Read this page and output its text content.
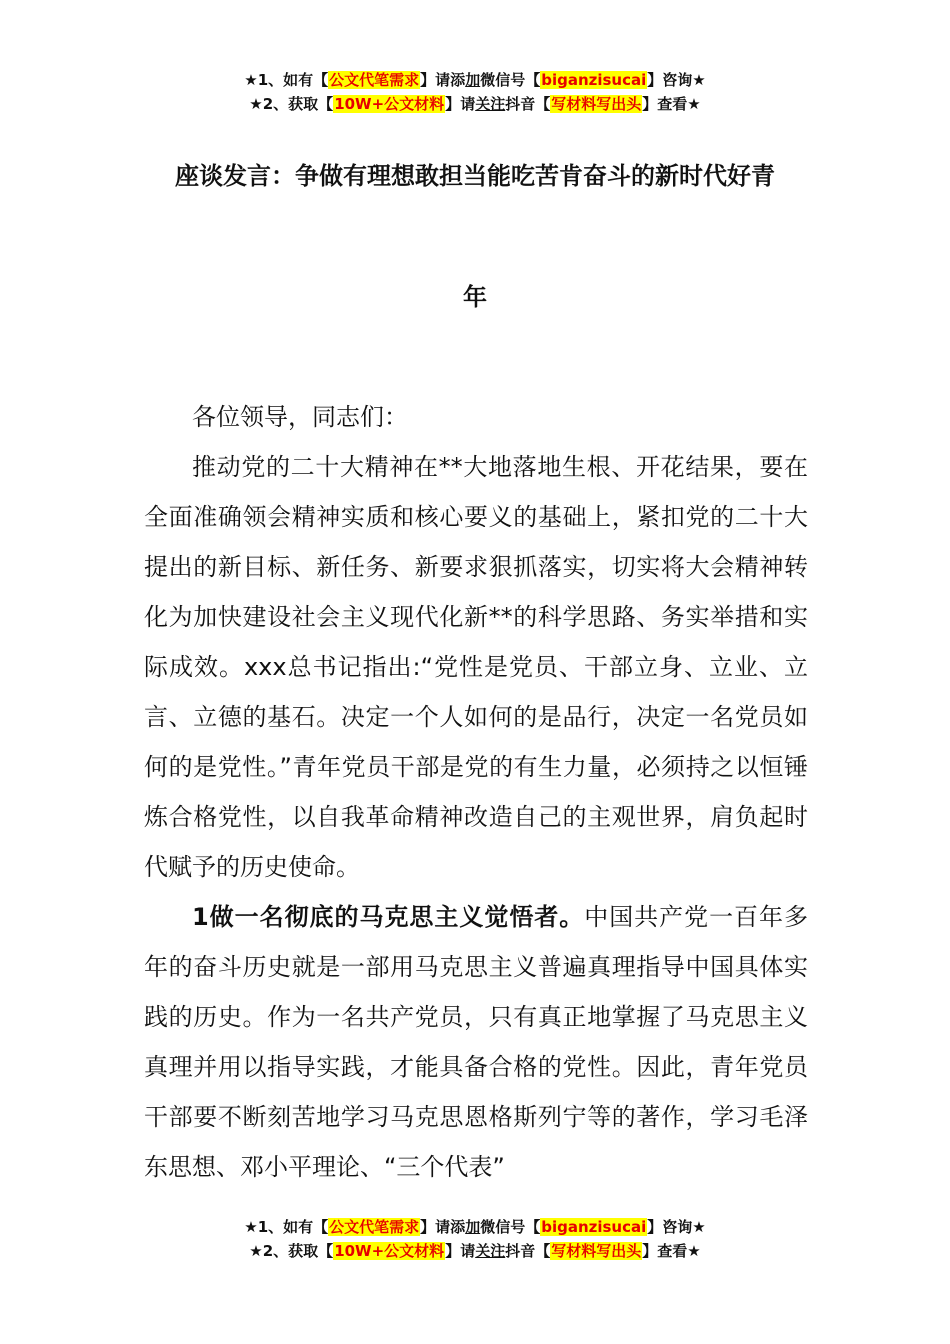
★1、如有【公文代笔需求】请添加微信号【biganzisucai】咨询★
★2、获取【10W+公文材料】请关注抖音【写材料写出头】查看★
座谈发言：争做有理想敢担当能吃苦肯奋斗的新时代好青
年

各位领导，同志们：

推动党的二十大精神在**大地落地生根、开花结果，要在全面准确领会精神实质和核心要义的基础上，紧扣党的二十大提出的新目标、新任务、新要求狠抓落实，切实将大会精神转化为加快建设社会主义现代化新**的科学思路、务实举措和实际成效。xxx总书记指出:“党性是党员、干部立身、立业、立言、立德的基石。决定一个人如何的是品行，决定一名党员如何的是党性。”青年党员干部是党的有生力量，必须持之以恒锤炼合格党性，以自我革命精神改造自己的主观世界，肩负起时代赋予的历史使命。

1做一名彻底的马克思主义觉悟者。中国共产党一百年多年的奋斗历史就是一部用马克思主义普遍真理指导中国具体实践的历史。作为一名共产党员，只有真正地掌握了马克思主义真理并用以指导实践，才能具备合格的党性。因此，青年党员干部要不断刻苦地学习马克思恩格斯列宁等的著作，学习毛泽东思想、邓小平理论、“三个代表”

★1、如有【公文代笔需求】请添加微信号【biganzisucai】咨询★
★2、获取【10W+公文材料】请关注抖音【写材料写出头】查看★
